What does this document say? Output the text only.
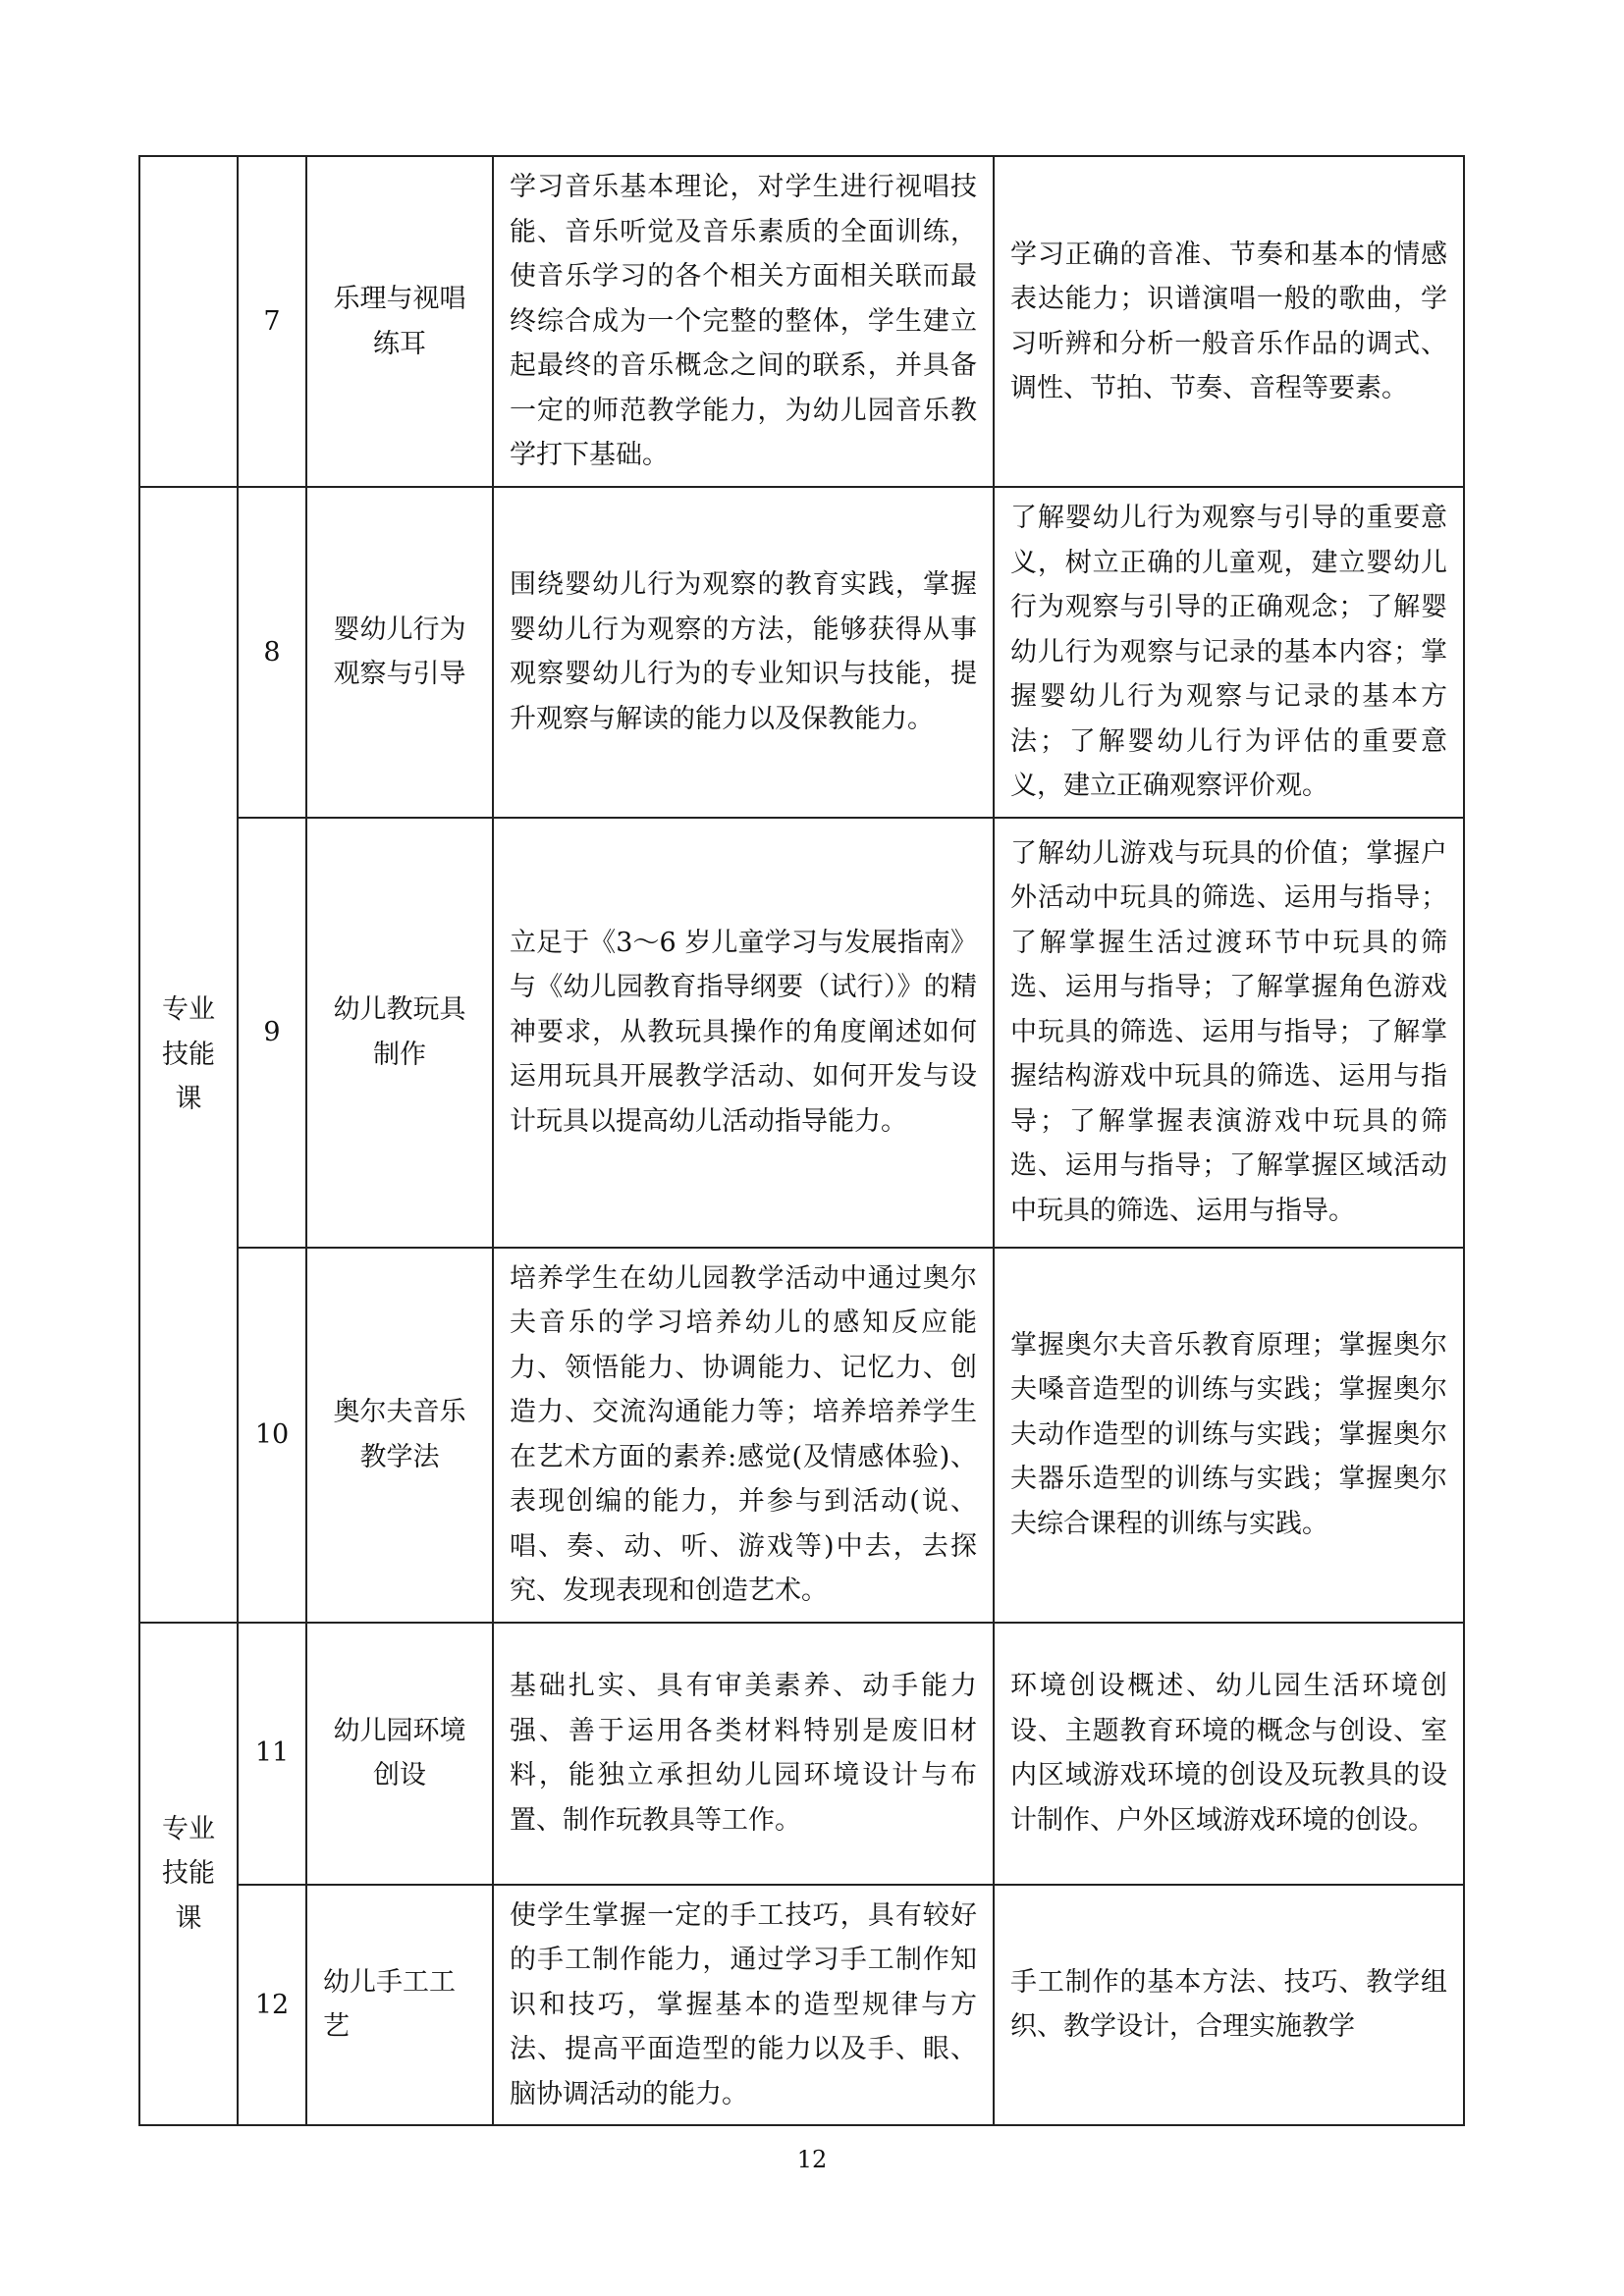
	7	乐理与视唱练耳	学习音乐基本理论，对学生进行视唱技能、音乐听觉及音乐素质的全面训练，使音乐学习的各个相关方面相关联而最终综合成为一个完整的整体，学生建立起最终的音乐概念之间的联系，并具备一定的师范教学能力，为幼儿园音乐教学打下基础。	学习正确的音准、节奏和基本的情感表达能力；识谱演唱一般的歌曲，学习听辨和分析一般音乐作品的调式、调性、节拍、节奏、音程等要素。
专业技能课	8	婴幼儿行为观察与引导	围绕婴幼儿行为观察的教育实践，掌握婴幼儿行为观察的方法，能够获得从事观察婴幼儿行为的专业知识与技能，提升观察与解读的能力以及保教能力。	了解婴幼儿行为观察与引导的重要意义，树立正确的儿童观，建立婴幼儿行为观察与引导的正确观念；了解婴幼儿行为观察与记录的基本内容；掌握婴幼儿行为观察与记录的基本方法；了解婴幼儿行为评估的重要意义，建立正确观察评价观。
	9	幼儿教玩具制作	立足于《3～6 岁儿童学习与发展指南》与《幼儿园教育指导纲要（试行）》的精神要求，从教玩具操作的角度阐述如何运用玩具开展教学活动、如何开发与设计玩具以提高幼儿活动指导能力。	了解幼儿游戏与玩具的价值；掌握户外活动中玩具的筛选、运用与指导；了解掌握生活过渡环节中玩具的筛选、运用与指导；了解掌握角色游戏中玩具的筛选、运用与指导；了解掌握结构游戏中玩具的筛选、运用与指导；了解掌握表演游戏中玩具的筛选、运用与指导；了解掌握区域活动中玩具的筛选、运用与指导。
	10	奥尔夫音乐教学法	培养学生在幼儿园教学活动中通过奥尔夫音乐的学习培养幼儿的感知反应能力、领悟能力、协调能力、记忆力、创造力、交流沟通能力等；培养培养学生在艺术方面的素养:感觉(及情感体验)、表现创编的能力，并参与到活动(说、唱、奏、动、听、游戏等)中去，去探究、发现表现和创造艺术。	掌握奥尔夫音乐教育原理；掌握奥尔夫嗓音造型的训练与实践；掌握奥尔夫动作造型的训练与实践；掌握奥尔夫器乐造型的训练与实践；掌握奥尔夫综合课程的训练与实践。
专业技能课	11	幼儿园环境创设	基础扎实、具有审美素养、动手能力强、善于运用各类材料特别是废旧材料，能独立承担幼儿园环境设计与布置、制作玩教具等工作。	环境创设概述、幼儿园生活环境创设、主题教育环境的概念与创设、室内区域游戏环境的创设及玩教具的设计制作、户外区域游戏环境的创设。
	12	幼儿手工工艺	使学生掌握一定的手工技巧，具有较好的手工制作能力，通过学习手工制作知识和技巧，掌握基本的造型规律与方法、提高平面造型的能力以及手、眼、脑协调活动的能力。	手工制作的基本方法、技巧、教学组织、教学设计，合理实施教学
12
